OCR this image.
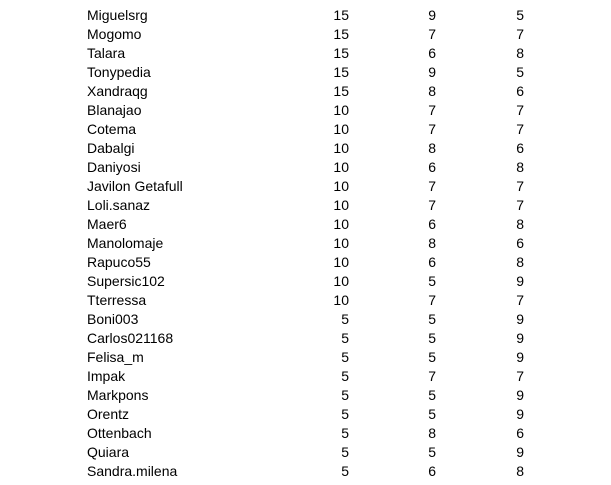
Miguelsrg	15	9	5
Mogomo	15	7	7
Talara	15	6	8
Tonypedia	15	9	5
Xandraqg	15	8	6
Blanajao	10	7	7
Cotema	10	7	7
Dabalgi	10	8	6
Daniyosi	10	6	8
Javilon Getafull	10	7	7
Loli.sanaz	10	7	7
Maer6	10	6	8
Manolomaje	10	8	6
Rapuco55	10	6	8
Supersic102	10	5	9
Tterressa	10	7	7
Boni003	5	5	9
Carlos021168	5	5	9
Felisa_m	5	5	9
Impak	5	7	7
Markpons	5	5	9
Orentz	5	5	9
Ottenbach	5	8	6
Quiara	5	5	9
Sandra.milena	5	6	8
